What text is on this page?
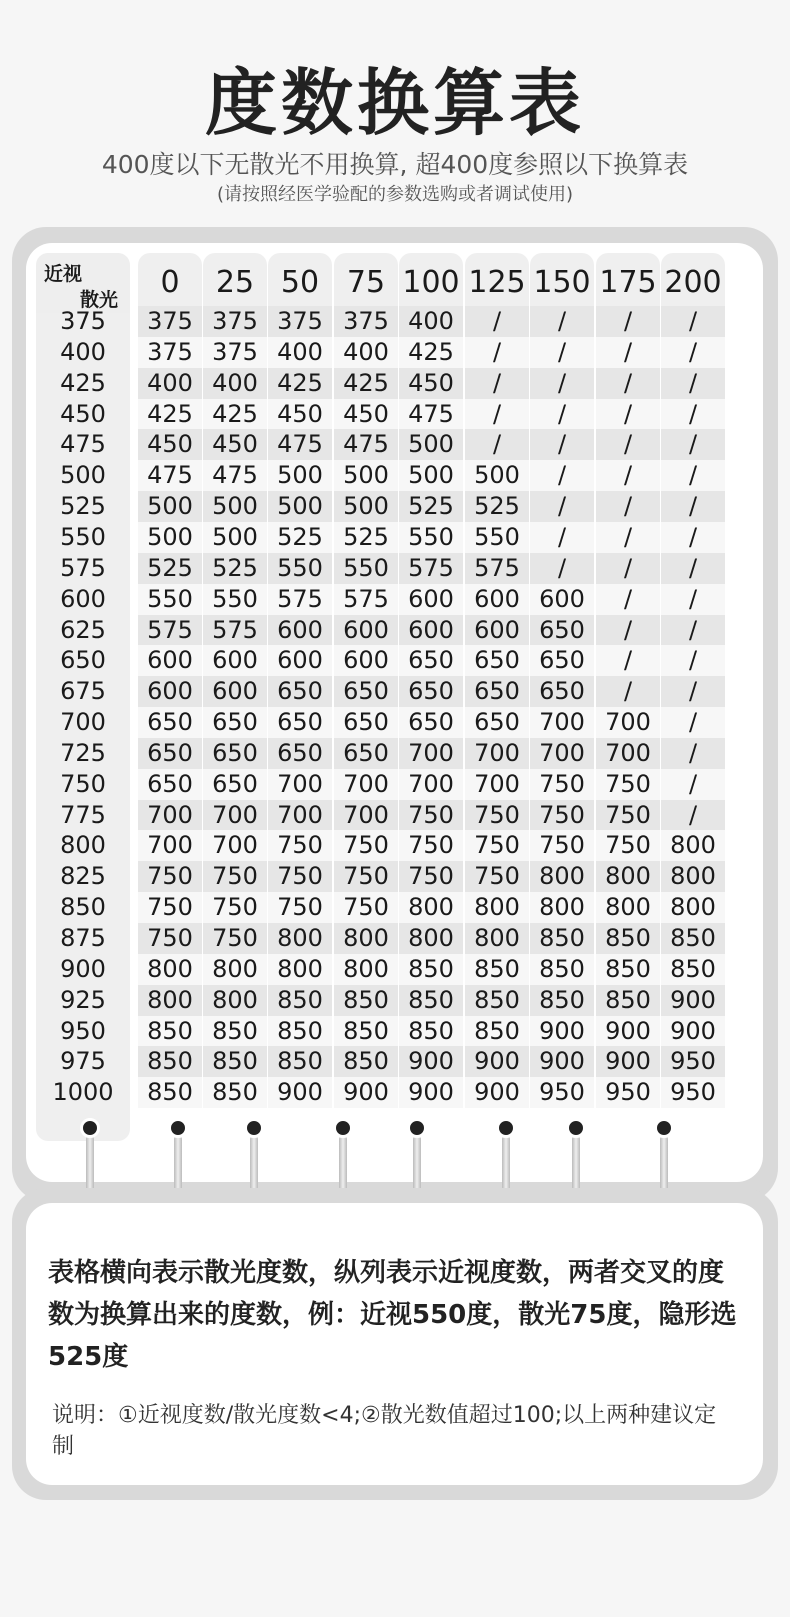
度数换算表
400度以下无散光不用换算, 超400度参照以下换算表
(请按照经医学验配的参数选购或者调试使用)
近视
散光	0	25 50 75 100 125 150 175 200
375	375 375 375 375 400	/	/	/	/
400	375 375 400 400 425	/	/	/	/
425	400 400 425 425 450	/	/	/	/
450	425 425 450 450 475	/	/	/	/
475	450 450 475 475 500	/	/	/	/
500	475 475 500 500 500 500	/	/	/
525	500 500 500 500 525 525	/	/	/
550	500 500 525 525 550 550	/	/	/
575	525 525 550 550 575 575	/	/	/
600	550 550 575 575 600 600 600	/	/
625	575 575 600 600 600 600 650	/	/
650	600 600 600 600 650 650 650	/	/
675	600 600 650 650 650 650 650	/	/
700	650 650 650 650 650 650 700 700	/
725	650 650 650 650 700 700 700 700	/
750	650 650 700 700 700 700 750 750	/
775	700 700 700 700 750 750 750 750	/
800	700 700 750 750 750 750 750 750 800
825	750 750 750 750 750 750 800 800 800
850	750 750 750 750 800 800 800 800 800
875	750 750 800 800 800 800 850 850 850
900	800 800 800 800 850 850 850 850 850
925	800 800 850 850 850 850 850 850 900
950	850 850 850 850 850 850 900 900 900
975	850 850 850 850 900 900 900 900 950
1000	850 850 900 900 900 900 950 950 950
表格横向表示散光度数，纵列表示近视度数，两者交叉的度数为换算出来的度数，例：近视550度，散光75度，隐形选525度
说明：①近视度数/散光度数<4;②散光数值超过100;以上两种建议定制
